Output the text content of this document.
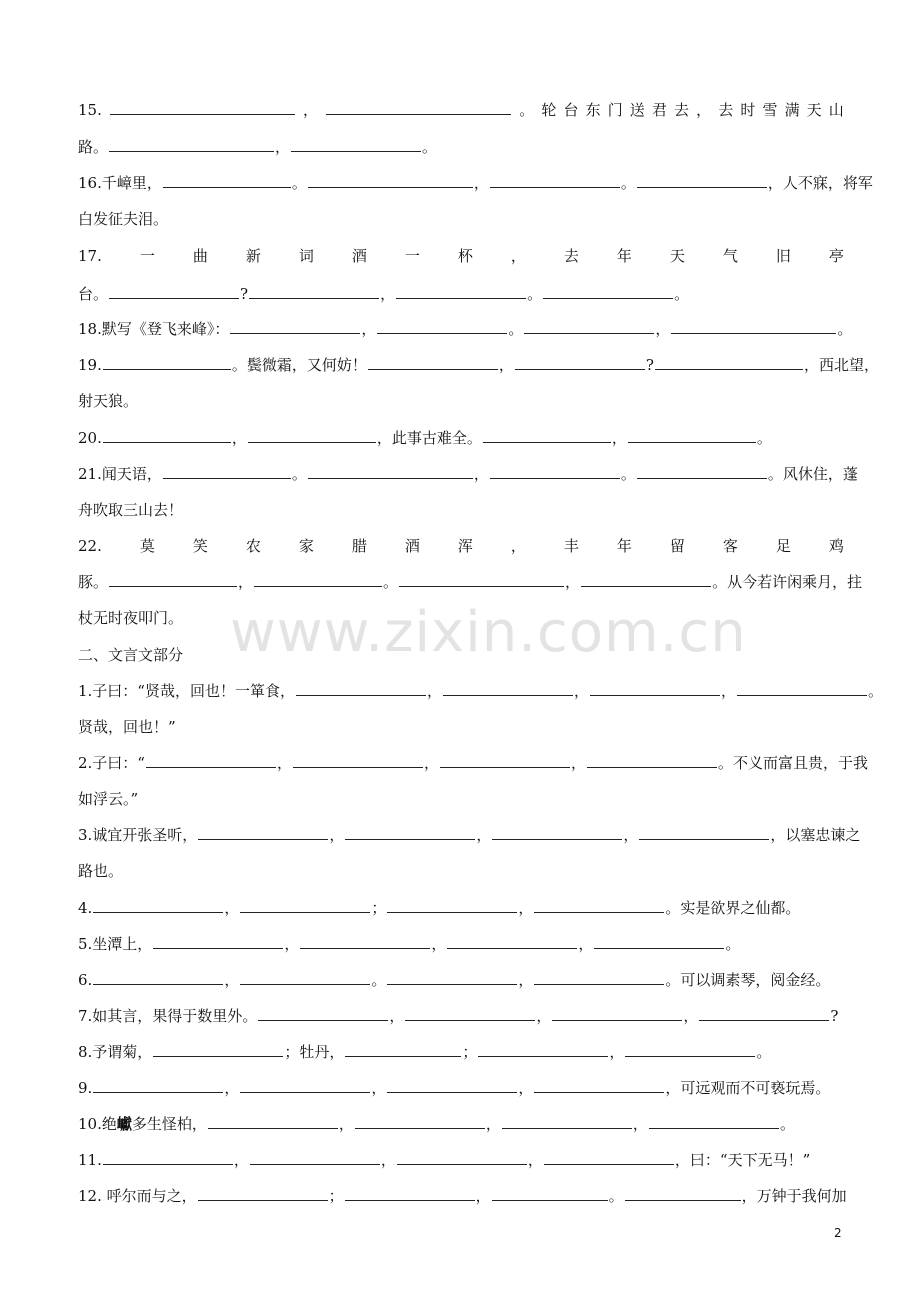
www.zixin.com.cn
二、文言文部分
15.	，	。 轮 台 东 门 送 君 去 ， 去 时 雪 满 天 山
路。	，	。
16.千嶂里，	。	，	。	，人不寐，将军
白发征夫泪。
17.	一	曲	新	词	酒	一	杯	，	去	年	天	气	旧	亭
台。	?	，	。	。
18.默写《登飞来峰》：	，	。	，	。
19.	。鬓微霜，又何妨！	，	?	，西北望，
射天狼。
20.	，	，此事古难全。	，	。
21.闻天语，	。	，	。	。风休住，蓬
舟吹取三山去！
22.	莫	笑	农	家	腊	酒	浑	，	丰	年	留	客	足	鸡
豚。	，	。	，	。从今若许闲乘月，拄
杖无时夜叩门。
1.子曰：“贤哉，回也！一箪食，	，	，	，	。
贤哉，回也！”
2.子曰：“	，	，	，	。不义而富且贵，于我
如浮云。”
3.诚宜开张圣听，	，	，	，	，以塞忠谏之
路也。
4.	，	；	，	。实是欲界之仙都。
5.坐潭上，	，	，	，	。
6.	，	。	，	。可以调素琴，阅金经。
7.如其言，果得于数里外。	，	，	，	?
8.予谓菊，	；牡丹，	；	，	。
9.	，	，	，	，可远观而不可亵玩焉。
10.绝巘多生怪柏，	，	，	，	。
11.	，	，	，	，曰：“天下无马！”
12. 呼尔而与之，	；	，	。	，万钟于我何加
2
